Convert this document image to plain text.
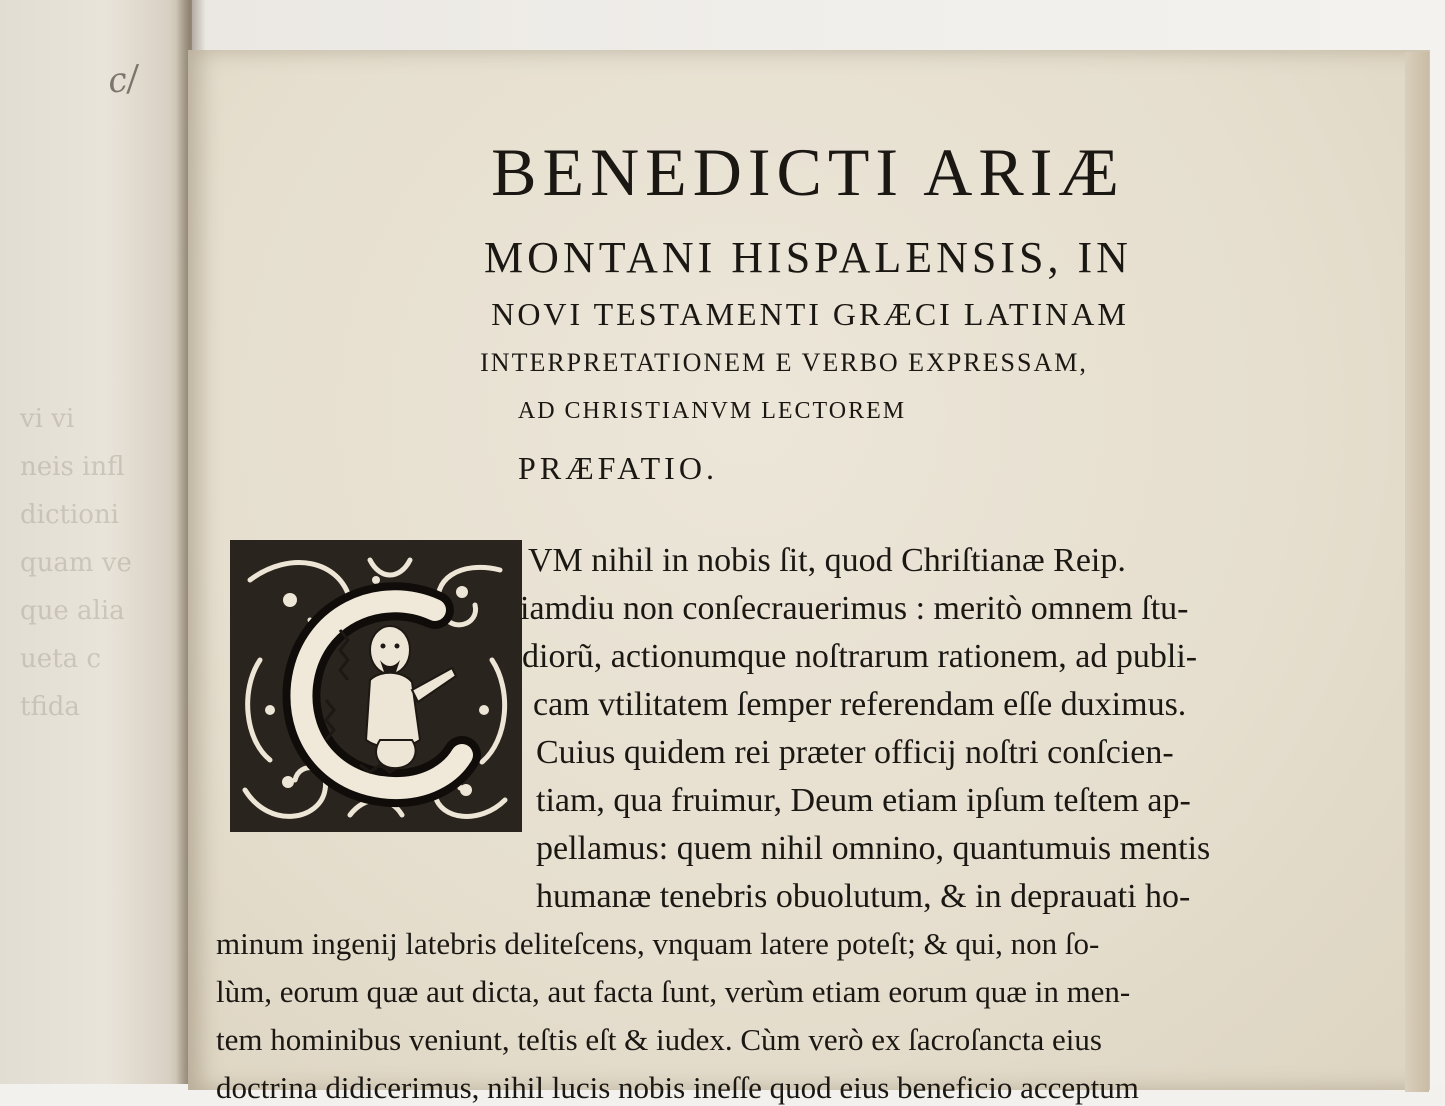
vi vi
neis infl
dictioni
quam ve
que alia
ueta c
tfida
c/
BENEDICTI ARIÆ
MONTANI HISPALENSIS, IN
NOVI TESTAMENTI GRÆCI LATINAM
INTERPRETATIONEM E VERBO EXPRESSAM,
AD CHRISTIANVM LECTOREM
PRÆFATIO.
VM nihil in nobis ſit, quod Chriſtianæ Reip.
iamdiu non conſecrauerimus : meritò omnem ſtu-
diorũ, actionumque noſtrarum rationem, ad publi-
cam vtilitatem ſemper referendam eſſe duximus.
Cuius quidem rei præter officij noſtri conſcien-
tiam, qua fruimur, Deum etiam ipſum teſtem ap-
pellamus: quem nihil omnino, quantumuis mentis
humanæ tenebris obuolutum, & in deprauati ho-
minum ingenij latebris deliteſcens, vnquam latere poteſt; & qui, non ſo-
lùm, eorum quæ aut dicta, aut facta ſunt, verùm etiam eorum quæ in men-
tem hominibus veniunt, teſtis eſt & iudex. Cùm verò ex ſacroſancta eius
doctrina didicerimus, nihil lucis nobis ineſſe quod eius beneficio acceptum
